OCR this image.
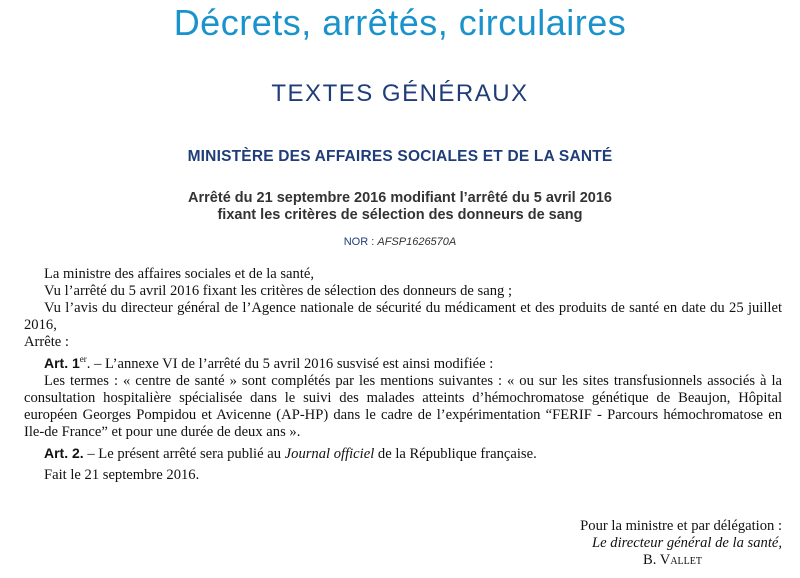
Décrets, arrêtés, circulaires
TEXTES GÉNÉRAUX
MINISTÈRE DES AFFAIRES SOCIALES ET DE LA SANTÉ
Arrêté du 21 septembre 2016 modifiant l’arrêté du 5 avril 2016
fixant les critères de sélection des donneurs de sang
NOR : AFSP1626570A

La ministre des affaires sociales et de la santé,

Vu l’arrêté du 5 avril 2016 fixant les critères de sélection des donneurs de sang ;

Vu l’avis du directeur général de l’Agence nationale de sécurité du médicament et des produits de santé en date du 25 juillet 2016,

Arrête :

Art. 1er. – L’annexe VI de l’arrêté du 5 avril 2016 susvisé est ainsi modifiée :

Les termes : « centre de santé » sont complétés par les mentions suivantes : « ou sur les sites transfusionnels associés à la consultation hospitalière spécialisée dans le suivi des malades atteints d’hémochromatose génétique de Beaujon, Hôpital européen Georges Pompidou et Avicenne (AP-HP) dans le cadre de l’expérimentation “FERIF - Parcours hémochromatose en Ile-de France” et pour une durée de deux ans ».

Art. 2. – Le présent arrêté sera publié au Journal officiel de la République française.

Fait le 21 septembre 2016.

Pour la ministre et par délégation :

Le directeur général de la santé,

B. Vallet
